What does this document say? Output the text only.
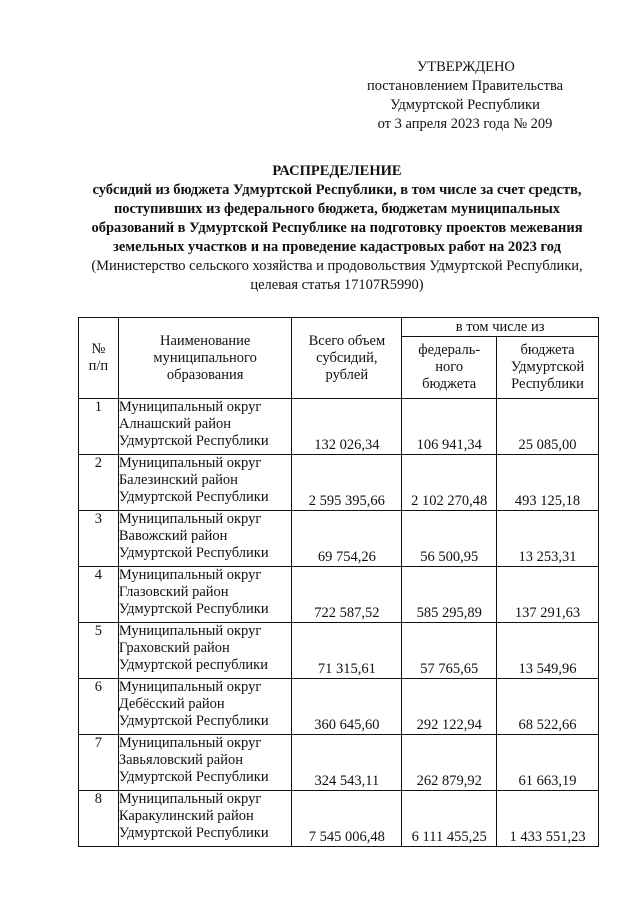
УТВЕРЖДЕНО
постановлением Правительства
Удмуртской Республики
от 3 апреля 2023 года № 209
РАСПРЕДЕЛЕНИЕ
субсидий из бюджета Удмуртской Республики, в том числе за счет средств,
поступивших из федерального бюджета, бюджетам муниципальных
образований в Удмуртской Республике на подготовку проектов межевания
земельных участков и на проведение кадастровых работ на 2023 год
(Министерство сельского хозяйства и продовольствия Удмуртской Республики,
целевая статья 17107R5990)
№ п/п	Наименование муниципального образования	Всего объем субсидий, рублей	в том числе из	
			федераль-ного бюджета	бюджета Удмуртской Республики
1	Муниципальный округ
Алнашский район
Удмуртской Республики	132 026,34	106 941,34	25 085,00
2	Муниципальный округ
Балезинский район
Удмуртской Республики	2 595 395,66	2 102 270,48	493 125,18
3	Муниципальный округ
Вавожский район
Удмуртской Республики	69 754,26	56 500,95	13 253,31
4	Муниципальный округ
Глазовский район
Удмуртской Республики	722 587,52	585 295,89	137 291,63
5	Муниципальный округ
Граховский район
Удмуртской республики	71 315,61	57 765,65	13 549,96
6	Муниципальный округ
Дебёсский район
Удмуртской Республики	360 645,60	292 122,94	68 522,66
7	Муниципальный округ
Завьяловский район
Удмуртской Республики	324 543,11	262 879,92	61 663,19
8	Муниципальный округ
Каракулинский район
Удмуртской Республики	7 545 006,48	6 111 455,25	1 433 551,23
